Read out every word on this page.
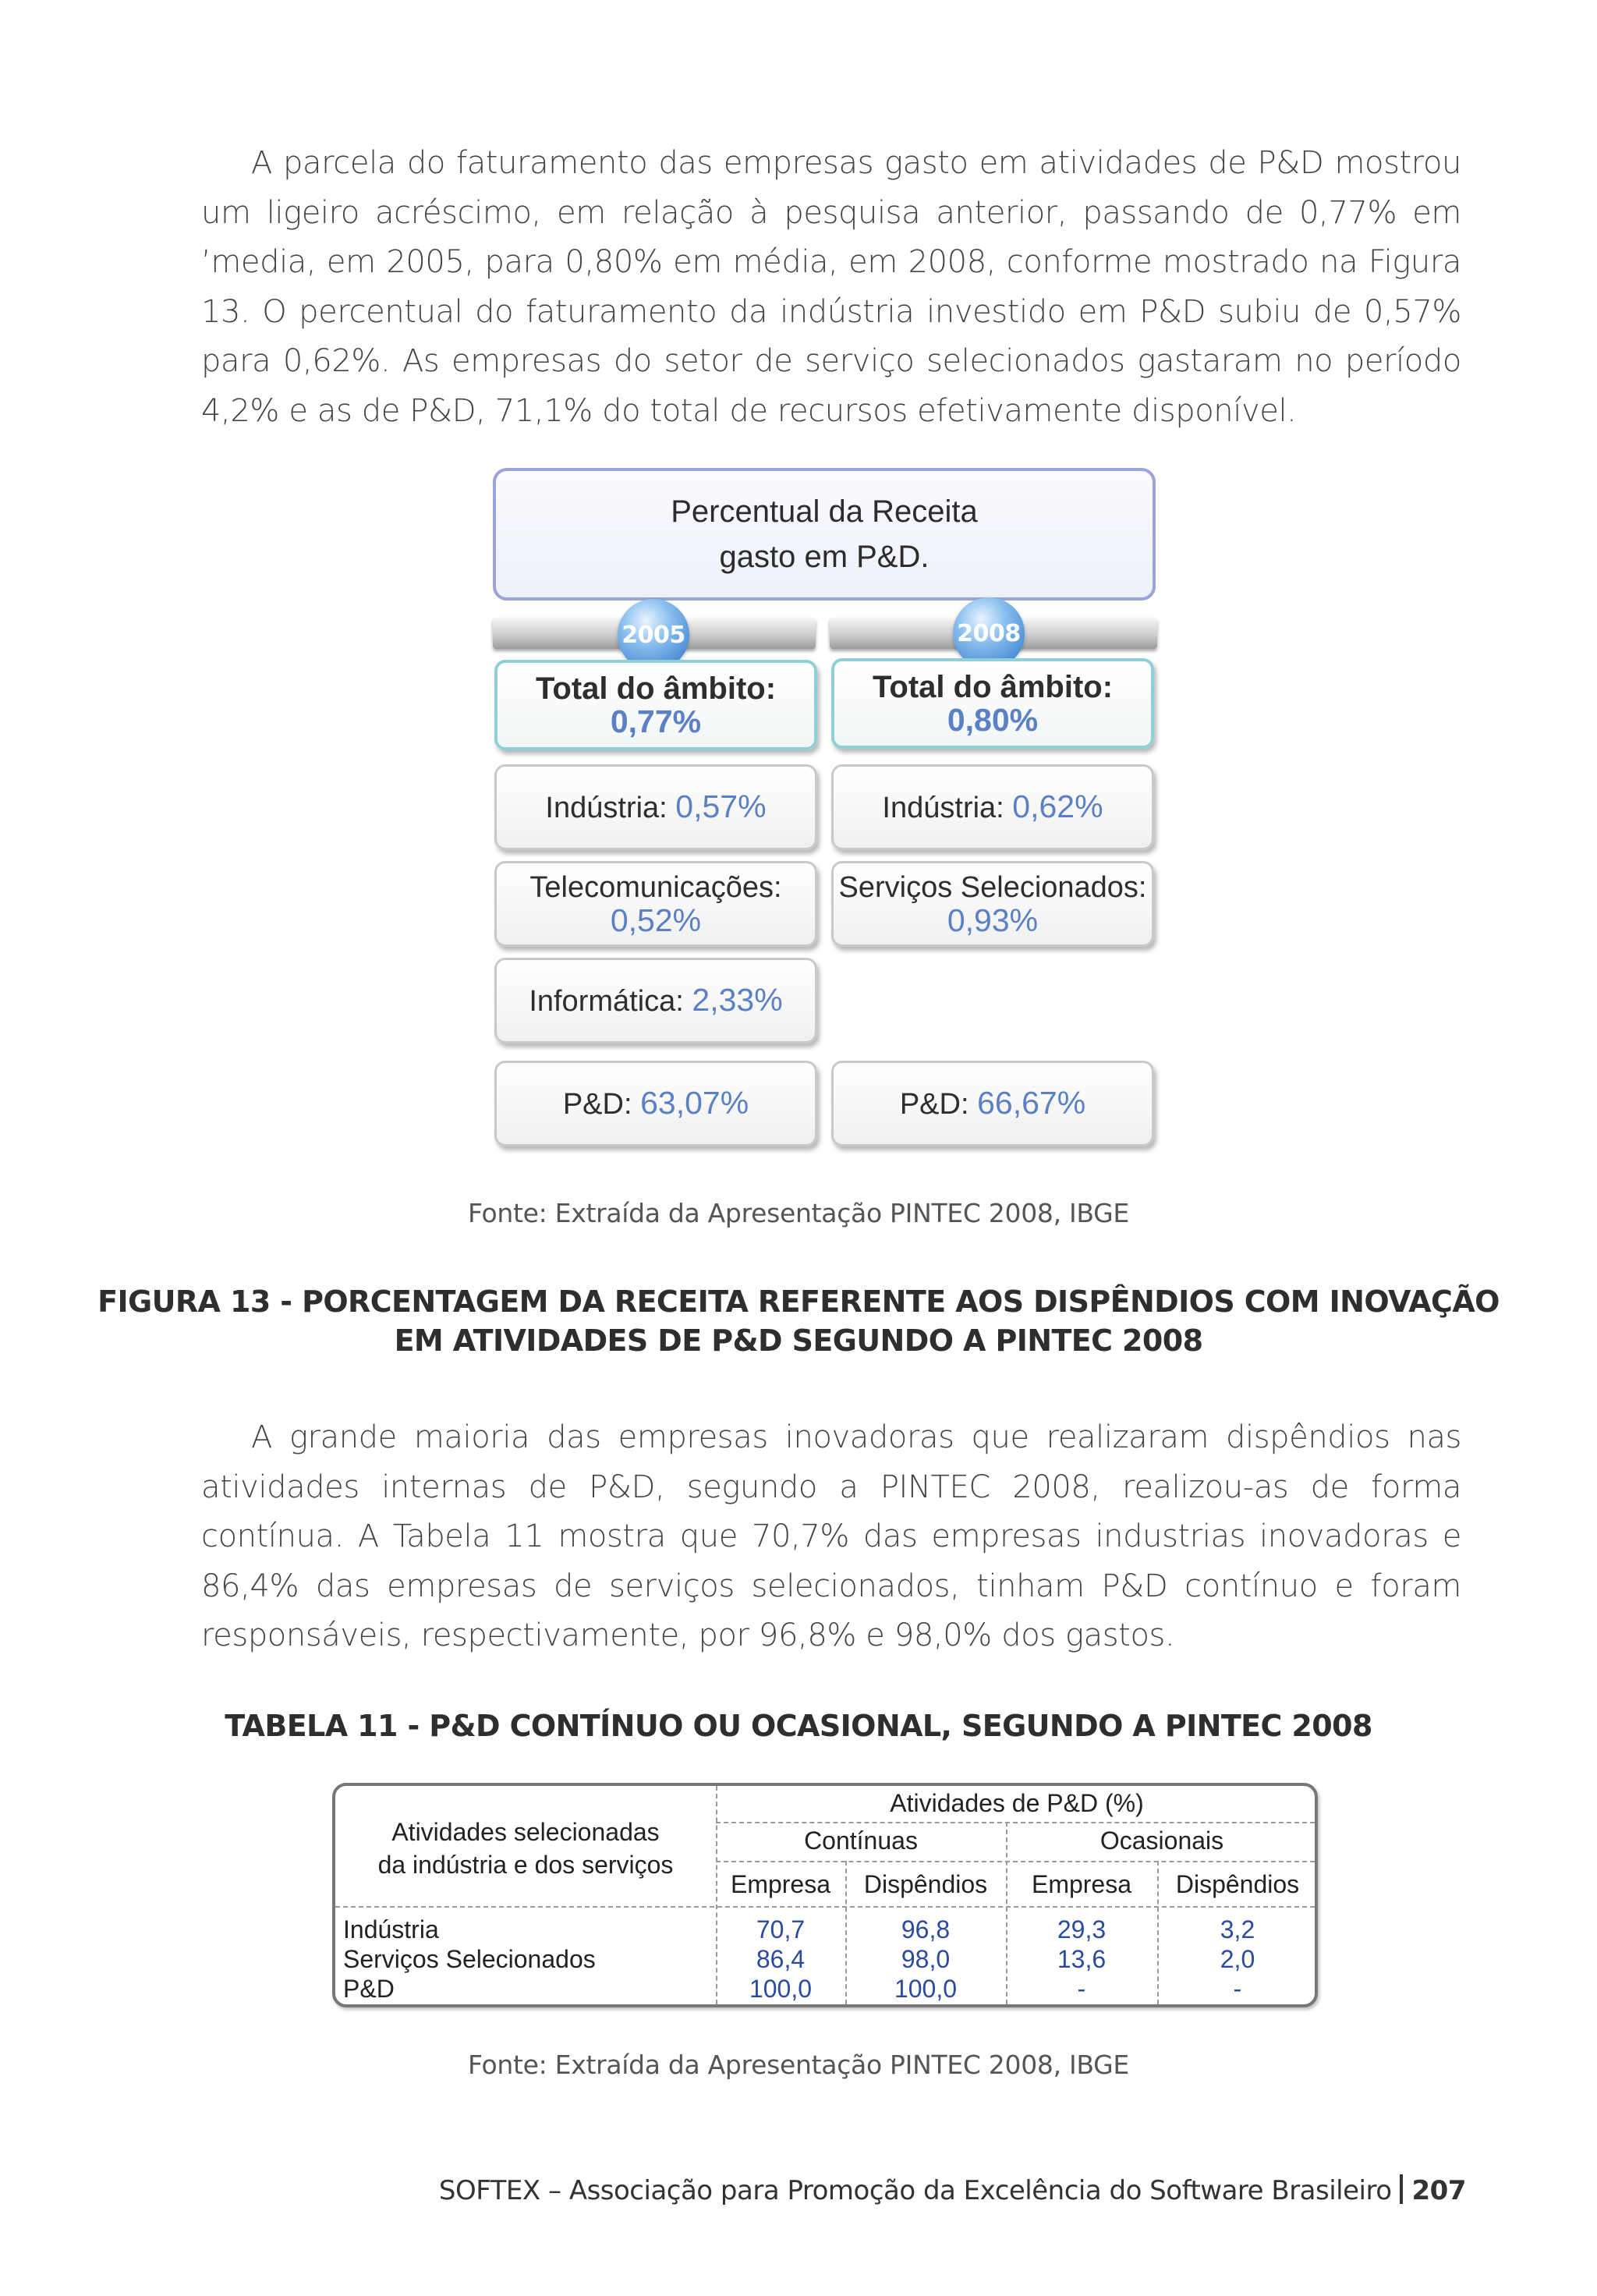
A parcela do faturamento das empresas gasto em atividades de P&D mostrou um ligeiro acréscimo, em relação à pesquisa anterior, passando de 0,77% em ’media, em 2005, para 0,80% em média, em 2008, conforme mostrado na Figura 13. O percentual do faturamento da indústria investido em P&D subiu de 0,57% para 0,62%. As empresas do setor de serviço selecionados gastaram no período 4,2% e as de P&D, 71,1% do total de recursos efetivamente disponível.

Percentual da Receita
gasto em P&D.
2005	2008
Total do âmbito:
0,77%
Indústria: 0,57%
Telecomunicações:
0,52%
Informática: 2,33%
P&D: 63,07%
Total do âmbito:
0,80%
Indústria: 0,62%
Serviços Selecionados:
0,93%
P&D: 66,67%
Fonte: Extraída da Apresentação PINTEC 2008, IBGE
FIGURA 13 - PORCENTAGEM DA RECEITA REFERENTE AOS DISPÊNDIOS COM INOVAÇÃO
EM ATIVIDADES DE P&D SEGUNDO A PINTEC 2008

A grande maioria das empresas inovadoras que realizaram dispêndios nas atividades internas de P&D, segundo a PINTEC 2008, realizou-as de forma contínua. A Tabela 11 mostra que 70,7% das empresas industrias inovadoras e 86,4% das empresas de serviços selecionados, tinham P&D contínuo e foram responsáveis, respectivamente, por 96,8% e 98,0% dos gastos.

TABELA 11 - P&D CONTÍNUO OU OCASIONAL, SEGUNDO A PINTEC 2008
Atividades selecionadas
da indústria e dos serviços
Atividades de P&D (%)
Contínuas	Ocasionais
Empresa	Dispêndios	Empresa	Dispêndios
Indústria	70,7	96,8	29,3	3,2
Serviços Selecionados	86,4	98,0	13,6	2,0
P&D	100,0	100,0	-	-
Fonte: Extraída da Apresentação PINTEC 2008, IBGE
SOFTEX – Associação para Promoção da Excelência do Software Brasileiro 207
